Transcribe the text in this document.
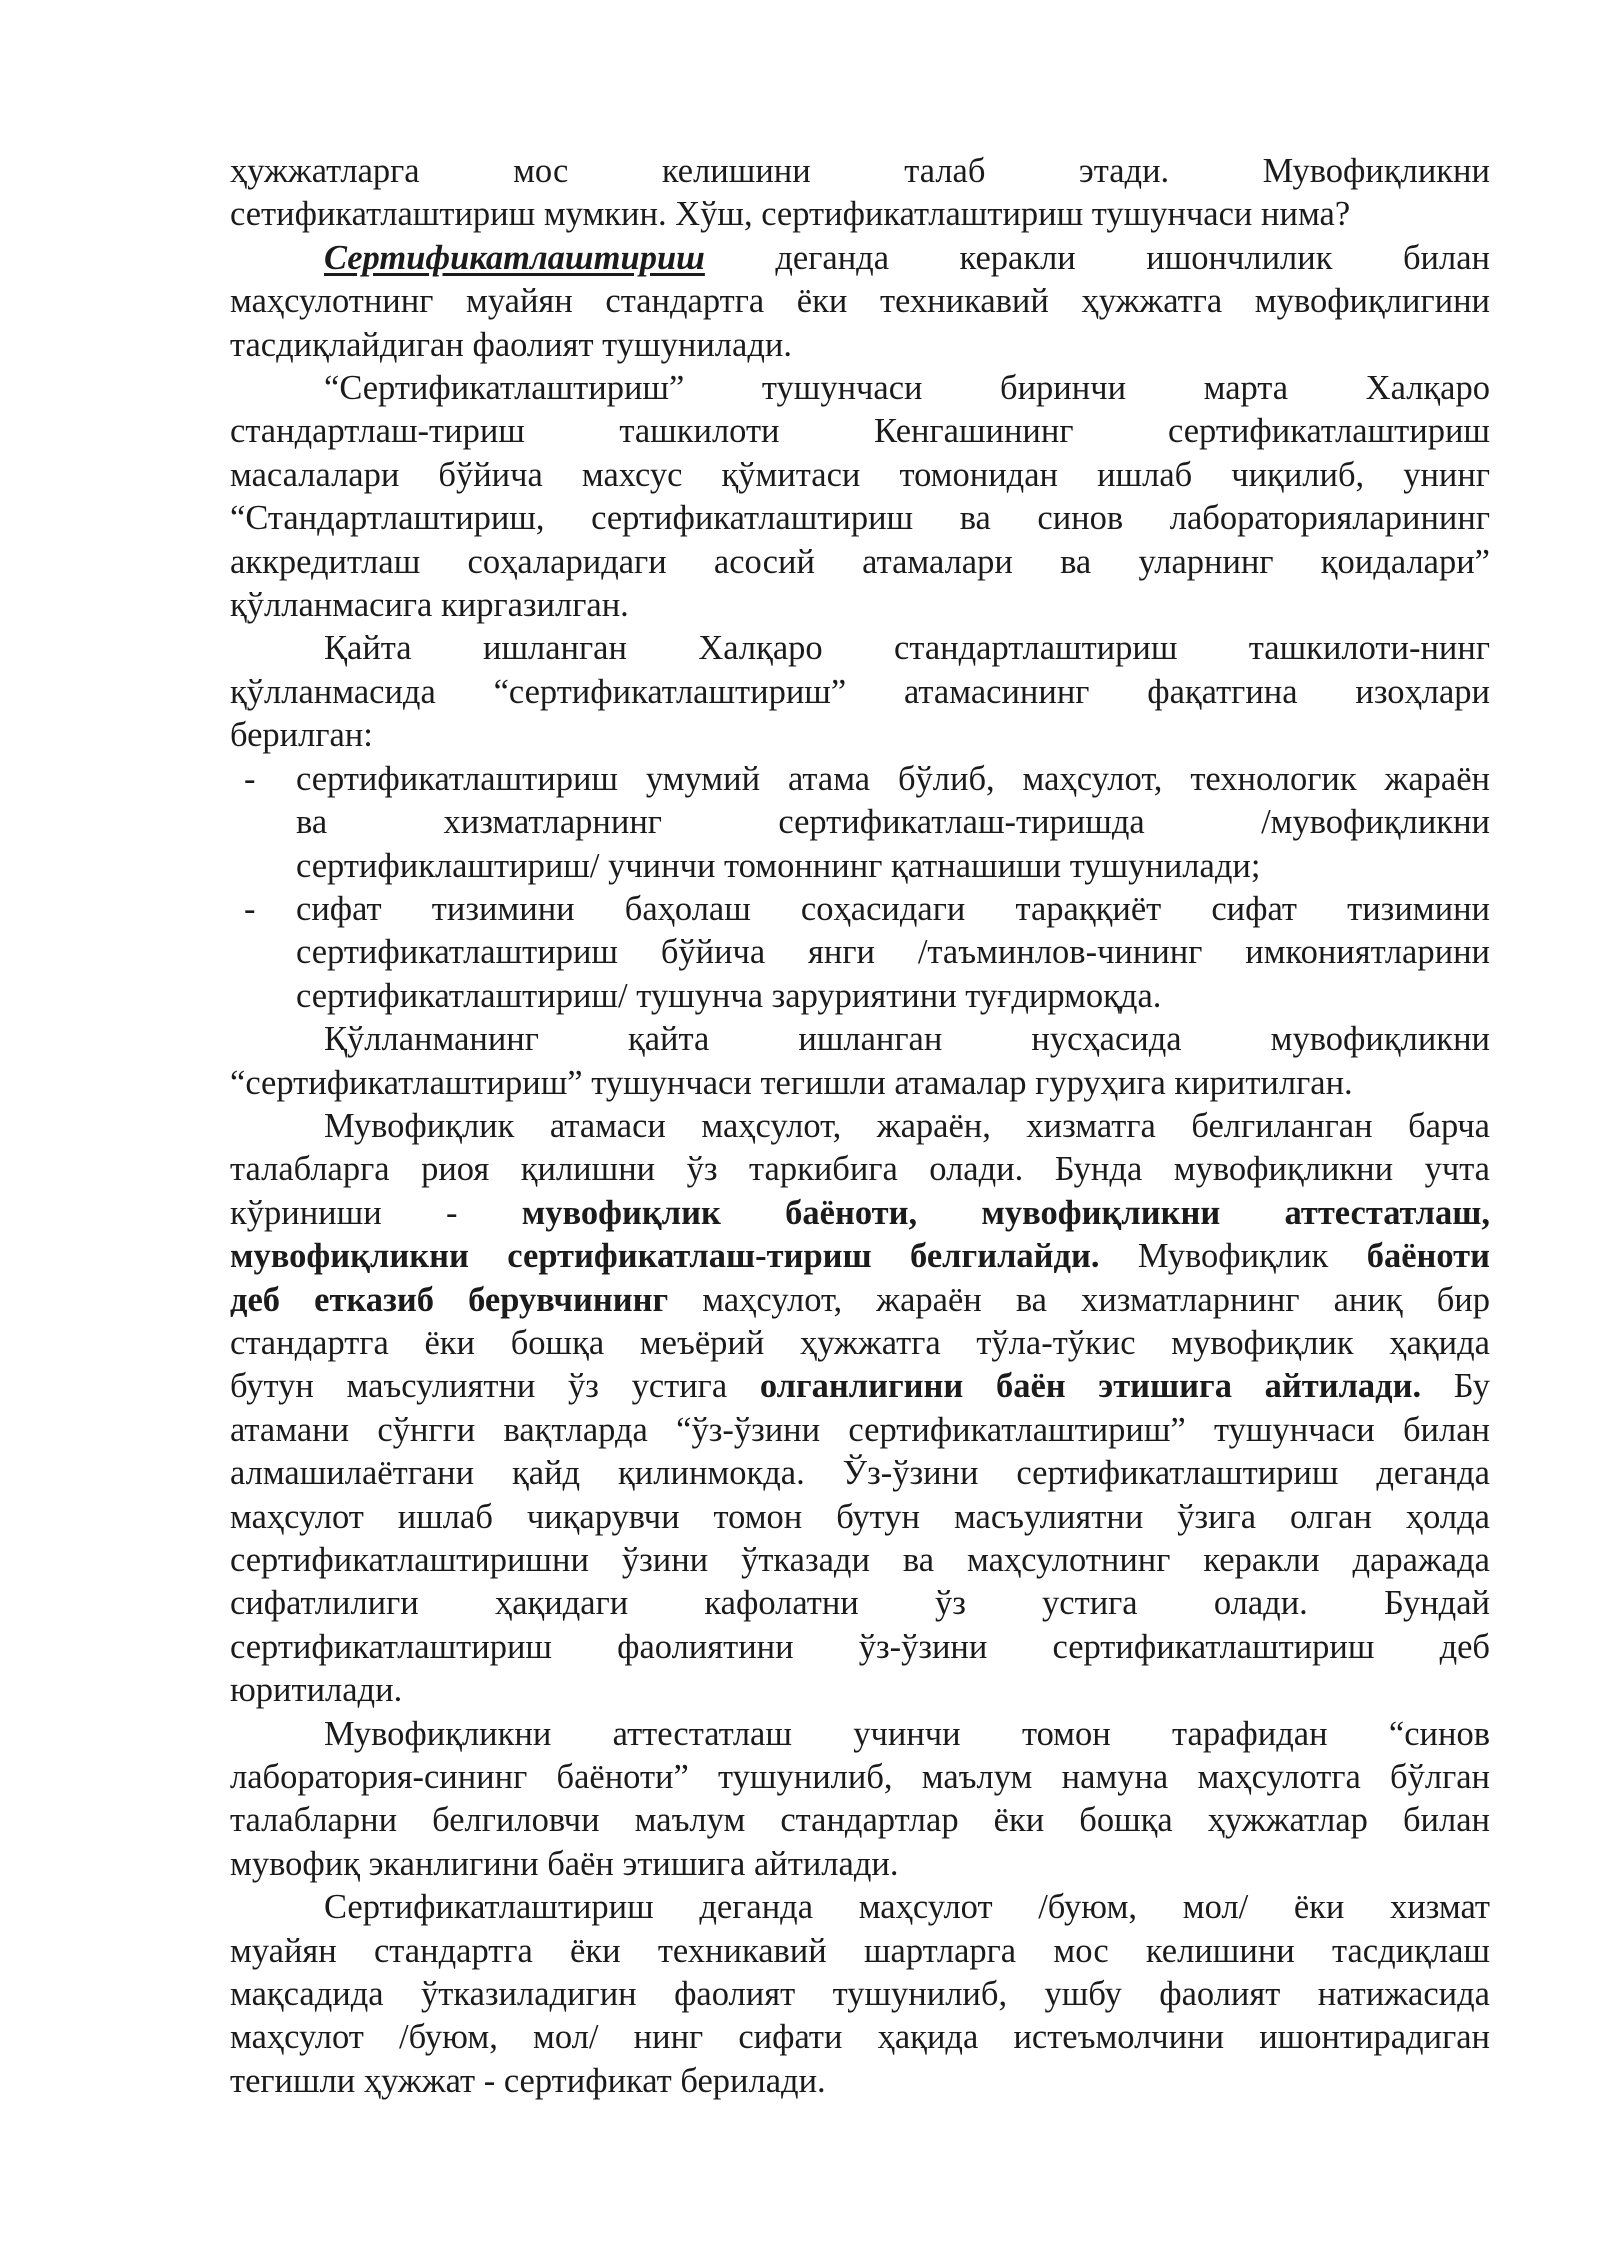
ҳужжатларга мос келишини талаб этади. Мувофиқликни

сетификатлаштириш мумкин. Хўш, сертификатлаштириш тушунчаси нима?

Сертификатлаштириш деганда керакли ишончлилик билан

маҳсулотнинг муайян стандартга ёки техникавий ҳужжатга мувофиқлигини

тасдиқлайдиган фаолият тушунилади.

“Сертификатлаштириш” тушунчаси биринчи марта Халқаро

стандартлаш-тириш ташкилоти Кенгашининг сертификатлаштириш

масалалари бўйича махсус қўмитаси томонидан ишлаб чиқилиб, унинг

“Стандартлаштириш, сертификатлаштириш ва синов лабораторияларининг

аккредитлаш соҳаларидаги асосий атамалари ва уларнинг қоидалари”

қўлланмасига киргазилган.

Қайта ишланган Халқаро стандартлаштириш ташкилоти-нинг

қўлланмасида “сертификатлаштириш” атамасининг фақатгина изоҳлари

берилган:

- сертификатлаштириш умумий атама бўлиб, маҳсулот, технологик жараён

ва хизматларнинг сертификатлаш-тиришда /мувофиқликни

сертификлаштириш/ учинчи томоннинг қатнашиши тушунилади;

- сифат тизимини баҳолаш соҳасидаги тараққиёт сифат тизимини

сертификатлаштириш бўйича янги /таъминлов-чининг имкониятларини

сертификатлаштириш/ тушунча заруриятини туғдирмоқда.

Қўлланманинг қайта ишланган нусҳасида мувофиқликни

“сертификатлаштириш” тушунчаси тегишли атамалар гуруҳига киритилган.

Мувофиқлик атамаси маҳсулот, жараён, хизматга белгиланган барча

талабларга риоя қилишни ўз таркибига олади. Бунда мувофиқликни учта

кўриниши - мувофиқлик баёноти, мувофиқликни аттестатлаш,

мувофиқликни сертификатлаш-тириш белгилайди. Мувофиқлик баёноти

деб етказиб берувчининг маҳсулот, жараён ва хизматларнинг аниқ бир

стандартга ёки бошқа меъёрий ҳужжатга тўла-тўкис мувофиқлик ҳақида

бутун маъсулиятни ўз устига олганлигини баён этишига айтилади. Бу

атамани сўнгги вақтларда “ўз-ўзини сертификатлаштириш” тушунчаси билан

алмашилаётгани қайд қилинмокда. Ўз-ўзини сертификатлаштириш деганда

маҳсулот ишлаб чиқарувчи томон бутун масъулиятни ўзига олган ҳолда

сертификатлаштиришни ўзини ўтказади ва маҳсулотнинг керакли даражада

сифатлилиги ҳақидаги кафолатни ўз устига олади. Бундай

сертификатлаштириш фаолиятини ўз-ўзини сертификатлаштириш деб

юритилади.

Мувофиқликни аттестатлаш учинчи томон тарафидан “синов

лаборатория-сининг баёноти” тушунилиб, маълум намуна маҳсулотга бўлган

талабларни белгиловчи маълум стандартлар ёки бошқа ҳужжатлар билан

мувофиқ эканлигини баён этишига айтилади.

Сертификатлаштириш деганда маҳсулот /буюм, мол/ ёки хизмат

муайян стандартга ёки техникавий шартларга мос келишини тасдиқлаш

мақсадида ўтказиладигин фаолият тушунилиб, ушбу фаолият натижасида

маҳсулот /буюм, мол/ нинг сифати ҳақида истеъмолчини ишонтирадиган

тегишли ҳужжат - сертификат берилади.
